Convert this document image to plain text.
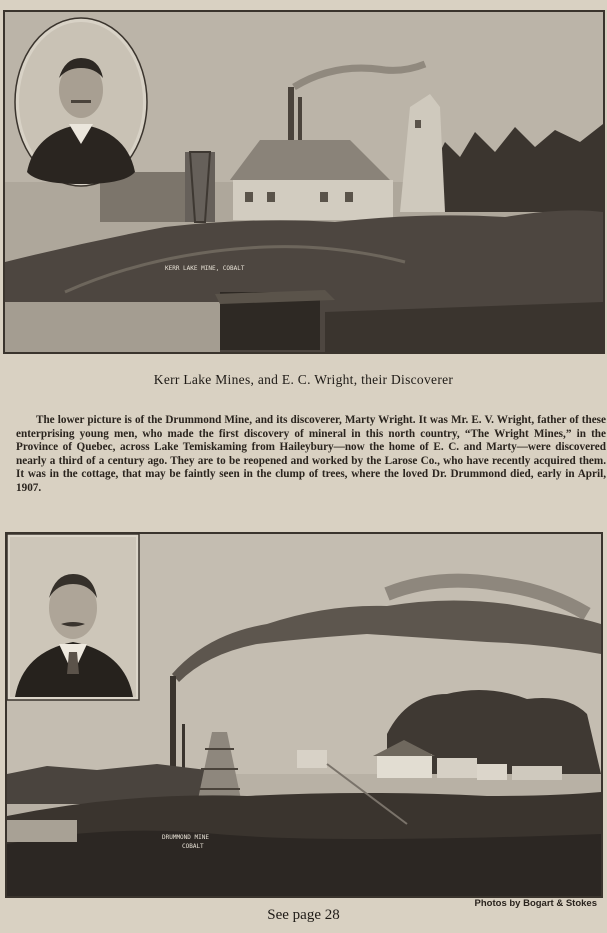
KERR LAKE MINE, COBALT
Kerr Lake Mines, and E. C. Wright, their Discoverer

The lower picture is of the Drummond Mine, and its discoverer, Marty Wright. It was Mr. E. V. Wright, father of these enterprising young men, who made the first discovery of mineral in this north country, “The Wright Mines,” in the Province of Quebec, across Lake Temiskaming from Haileybury—now the home of E. C. and Marty—were discovered nearly a third of a century ago. They are to be reopened and worked by the Larose Co., who have recently acquired them. It was in the cottage, that may be faintly seen in the clump of trees, where the loved Dr. Drummond died, early in April, 1907.

DRUMMOND MINE
COBALT
See page 28
Photos by Bogart & Stokes
